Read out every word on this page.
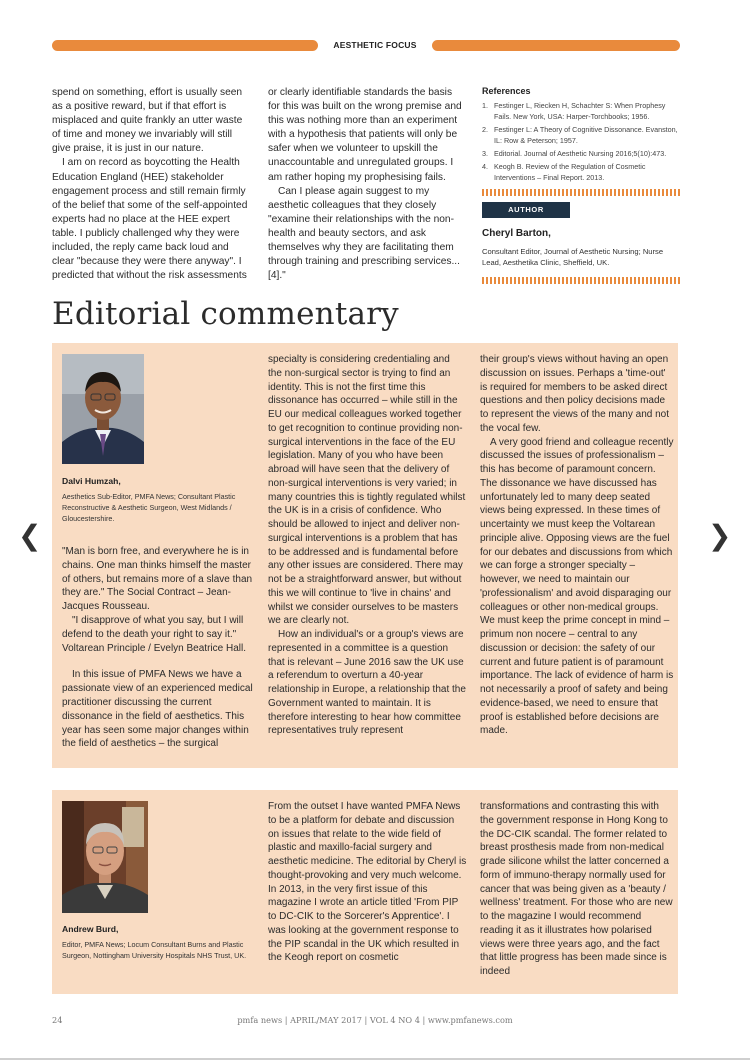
AESTHETIC FOCUS

spend on something, effort is usually seen as a positive reward, but if that effort is misplaced and quite frankly an utter waste of time and money we invariably will still give praise, it is just in our nature.

I am on record as boycotting the Health Education England (HEE) stakeholder engagement process and still remain firmly of the belief that some of the self-appointed experts had no place at the HEE expert table. I publicly challenged why they were included, the reply came back loud and clear "because they were there anyway". I predicted that without the risk assessments

or clearly identifiable standards the basis for this was built on the wrong premise and this was nothing more than an experiment with a hypothesis that patients will only be safer when we volunteer to upskill the unaccountable and unregulated groups. I am rather hoping my prophesising fails.

Can I please again suggest to my aesthetic colleagues that they closely "examine their relationships with the non-health and beauty sectors, and ask themselves why they are facilitating them through training and prescribing services... [4]."

References
1. Festinger L, Riecken H, Schachter S: When Prophesy Fails. New York, USA: Harper-Torchbooks; 1956.
2. Festinger L: A Theory of Cognitive Dissonance. Evanston, IL: Row & Peterson; 1957.
3. Editorial. Journal of Aesthetic Nursing 2016;5(10):473.
4. Keogh B. Review of the Regulation of Cosmetic Interventions – Final Report. 2013.
AUTHOR
Cheryl Barton,
Consultant Editor, Journal of Aesthetic Nursing; Nurse Lead, Aesthetika Clinic, Sheffield, UK.
Editorial commentary
Dalvi Humzah,
Aesthetics Sub-Editor, PMFA News; Consultant Plastic Reconstructive & Aesthetic Surgeon, West Midlands / Gloucestershire.

"Man is born free, and everywhere he is in chains. One man thinks himself the master of others, but remains more of a slave than they are." The Social Contract – Jean-Jacques Rousseau.

"I disapprove of what you say, but I will defend to the death your right to say it." Voltarean Principle / Evelyn Beatrice Hall.

In this issue of PMFA News we have a passionate view of an experienced medical practitioner discussing the current dissonance in the field of aesthetics. This year has seen some major changes within the field of aesthetics – the surgical

specialty is considering credentialing and the non-surgical sector is trying to find an identity. This is not the first time this dissonance has occurred – while still in the EU our medical colleagues worked together to get recognition to continue providing non-surgical interventions in the face of the EU legislation. Many of you who have been abroad will have seen that the delivery of non-surgical interventions is very varied; in many countries this is tightly regulated whilst the UK is in a crisis of confidence. Who should be allowed to inject and deliver non-surgical interventions is a problem that has to be addressed and is fundamental before any other issues are considered. There may not be a straightforward answer, but without this we will continue to 'live in chains' and whilst we consider ourselves to be masters we are clearly not.

How an individual's or a group's views are represented in a committee is a question that is relevant – June 2016 saw the UK use a referendum to overturn a 40-year relationship in Europe, a relationship that the Government wanted to maintain. It is therefore interesting to hear how committee representatives truly represent

their group's views without having an open discussion on issues. Perhaps a 'time-out' is required for members to be asked direct questions and then policy decisions made to represent the views of the many and not the vocal few.

A very good friend and colleague recently discussed the issues of professionalism – this has become of paramount concern. The dissonance we have discussed has unfortunately led to many deep seated views being expressed. In these times of uncertainty we must keep the Voltarean principle alive. Opposing views are the fuel for our debates and discussions from which we can forge a stronger specialty – however, we need to maintain our 'professionalism' and avoid disparaging our colleagues or other non-medical groups. We must keep the prime concept in mind – primum non nocere – central to any discussion or decision: the safety of our current and future patient is of paramount importance. The lack of evidence of harm is not necessarily a proof of safety and being evidence-based, we need to ensure that proof is established before decisions are made.

Andrew Burd,
Editor, PMFA News; Locum Consultant Burns and Plastic Surgeon, Nottingham University Hospitals NHS Trust, UK.

From the outset I have wanted PMFA News to be a platform for debate and discussion on issues that relate to the wide field of plastic and maxillo-facial surgery and aesthetic medicine. The editorial by Cheryl is thought-provoking and very much welcome. In 2013, in the very first issue of this magazine I wrote an article titled 'From PIP to DC-CIK to the Sorcerer's Apprentice'. I was looking at the government response to the PIP scandal in the UK which resulted in the Keogh report on cosmetic

transformations and contrasting this with the government response in Hong Kong to the DC-CIK scandal. The former related to breast prosthesis made from non-medical grade silicone whilst the latter concerned a form of immuno-therapy normally used for cancer that was being given as a 'beauty / wellness' treatment. For those who are new to the magazine I would recommend reading it as it illustrates how polarised views were three years ago, and the fact that little progress has been made since is indeed

❮	❯
24	pmfa news | APRIL/MAY 2017 | VOL 4 NO 4 | www.pmfanews.com
